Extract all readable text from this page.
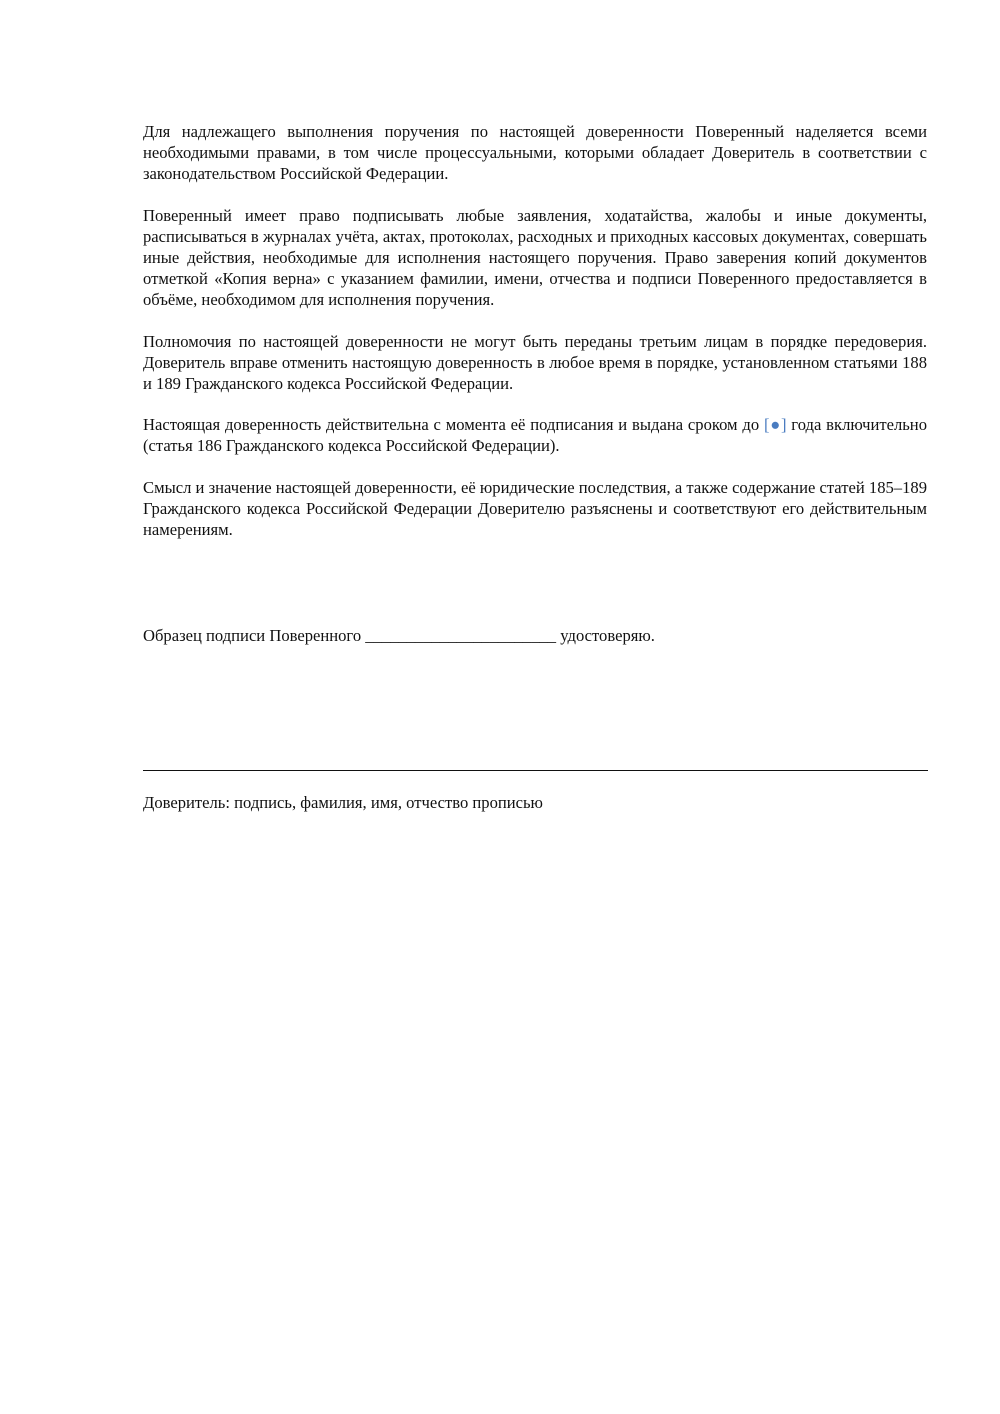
Для надлежащего выполнения поручения по настоящей доверенности Поверенный наделяется всеми необходимыми правами, в том числе процессуальными, которыми обладает Доверитель в соответствии с законодательством Российской Федерации.

Поверенный имеет право подписывать любые заявления, ходатайства, жалобы и иные документы, расписываться в журналах учёта, актах, протоколах, расходных и приходных кассовых документах, совершать иные действия, необходимые для исполнения настоящего поручения. Право заверения копий документов отметкой «Копия верна» с указанием фамилии, имени, отчества и подписи Поверенного предоставляется в объёме, необходимом для исполнения поручения.

Полномочия по настоящей доверенности не могут быть переданы третьим лицам в порядке передоверия. Доверитель вправе отменить настоящую доверенность в любое время в порядке, установленном статьями 188 и 189 Гражданского кодекса Российской Федерации.

Настоящая доверенность действительна с момента её подписания и выдана сроком до [●] года включительно (статья 186 Гражданского кодекса Российской Федерации).

Смысл и значение настоящей доверенности, её юридические последствия, а также содержание статей 185–189 Гражданского кодекса Российской Федерации Доверителю разъяснены и соответствуют его действительным намерениям.

Образец подписи Поверенного _______________________ удостоверяю.
Доверитель: подпись, фамилия, имя, отчество прописью
